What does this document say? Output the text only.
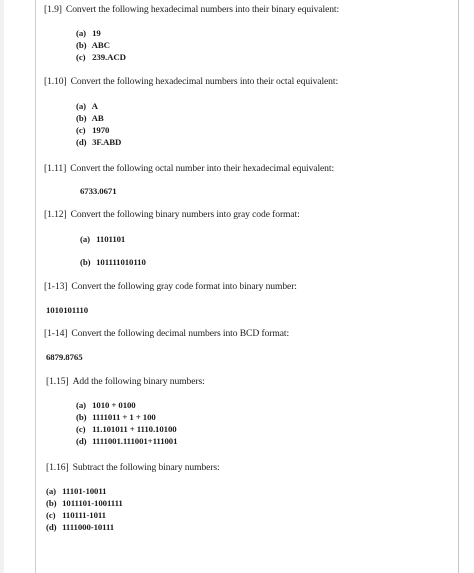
[1.9] Convert the following hexadecimal numbers into their binary equivalent:
(a) 19
(b) ABC
(c) 239.ACD
[1.10] Convert the following hexadecimal numbers into their octal equivalent:
(a) A
(b) AB
(c) 1970
(d) 3F.ABD
[1.11] Convert the following octal number into their hexadecimal equivalent:
6733.0671
[1.12] Convert the following binary numbers into gray code format:
(a) 1101101
(b) 101111010110
[1-13] Convert the following gray code format into binary number:
1010101110
[1-14] Convert the following decimal numbers into BCD format:
6879.8765
[1.15] Add the following binary numbers:
(a) 1010 + 0100
(b) 1111011 + 1 + 100
(c) 11.101011 + 1110.10100
(d) 1111001.111001+111001
[1.16] Subtract the following binary numbers:
(a) 11101-10011
(b) 1011101-1001111
(c) 110111-1011
(d) 1111000-10111
